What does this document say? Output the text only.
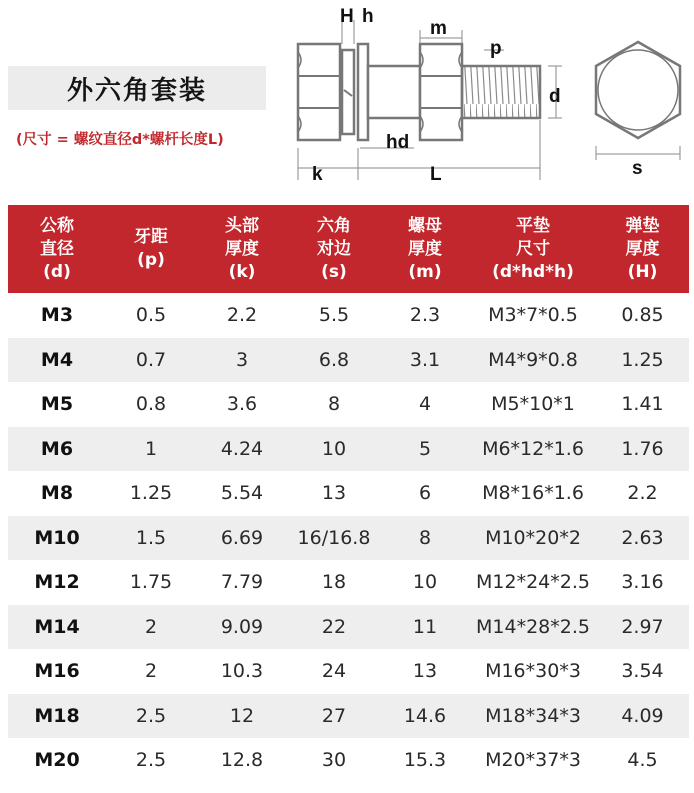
外六角套装
(尺寸 = 螺纹直径d*螺杆长度L)
H h
m
p
d
hd
k	L	s
公称
直径
(d)	牙距
(p)	头部
厚度
(k)	六角
对边
(s)	螺母
厚度
(m)	平垫
尺寸
(d*hd*h)	弹垫
厚度
(H)

M3	0.5	2.2	5.5	2.3	M3*7*0.5	0.85
M4	0.7	3	6.8	3.1	M4*9*0.8	1.25
M5	0.8	3.6	8	4	M5*10*1	1.41
M6	1	4.24	10	5	M6*12*1.6	1.76
M8	1.25	5.54	13	6	M8*16*1.6	2.2
M10	1.5	6.69	16/16.8	8	M10*20*2	2.63
M12	1.75	7.79	18	10	M12*24*2.5	3.16
M14	2	9.09	22	11	M14*28*2.5	2.97
M16	2	10.3	24	13	M16*30*3	3.54
M18	2.5	12	27	14.6	M18*34*3	4.09
M20	2.5	12.8	30	15.3	M20*37*3	4.5
